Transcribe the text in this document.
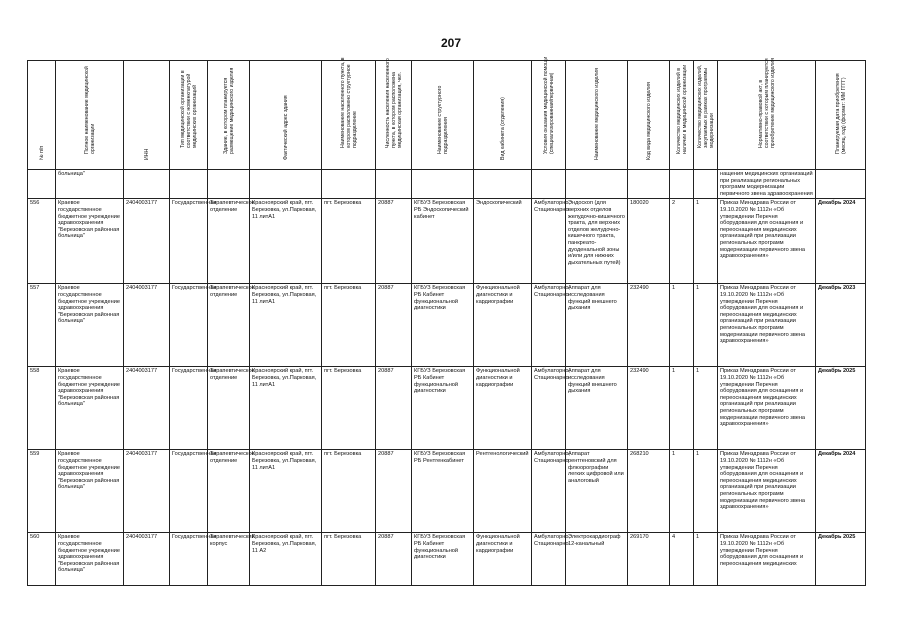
207
№ п/п	Полное наименование медицинской организации	ИНН	Тип медицинской организации в соответствии с номенклатурой медицинских организаций	Здание, в котором планируется размещение медицинского изделия	Фактический адрес здания	Наименование населенного пункта, в котором расположено структурное подразделение	Численность населения населенного пункта, в котором расположена медицинская организация, чел.	Наименование структурного подразделения	Вид кабинета (отделения)	Условия оказания медицинской помощи (специализированная/первичная)	Наименование медицинского изделия	Код вида медицинского изделия	Количество медицинских изделий в наличии в медицинской организации	Количество медицинских изделий, закупаемых в рамках программы модернизации	Нормативно-правовой акт, в соответствии с которым планируется приобретение медицинского изделия	Планируемая дата приобретения (месяц, год) (формат: ММ ГГГГ)

	больница"														нащения медицинских организаций при реализации региональных программ модернизации первичного звена здравоохранения	
556	Краевое государственное бюджетное учреждение здравоохранения "Березовская районная больница"	2404003177	Государственная	Терапевтическое отделение	Красноярский край, пгт. Березовка, ул.Парковая, 11 литА1	пгт. Березовка	20887	КГБУЗ Березовская РБ Эндоскопический кабинет	Эндоскопический	Амбулаторно, Стационарно	Эндоскоп (для верхних отделов желудочно-кишечного тракта, для верхних отделов желудочно-кишечного тракта, панкреато-дуоденальной зоны и/или для нижних дыхательных путей)	180020	2	1	Приказ Минздрава России от 19.10.2020 № 1112н «Об утверждении Перечня оборудования для оснащения и переоснащения медицинских организаций при реализации региональных программ модернизации первичного звена здравоохранения»	Декабрь 2024
557	Краевое государственное бюджетное учреждение здравоохранения "Березовская районная больница"	2404003177	Государственная	Терапевтическое отделение	Красноярский край, пгт. Березовка, ул.Парковая, 11 литА1	пгт. Березовка	20887	КГБУЗ Березовская РБ Кабинет функциональной диагностики	Функциональной диагностики и кардиографии	Амбулаторно, Стационарно	Аппарат для исследования функций внешнего дыхания	232490	1	1	Приказ Минздрава России от 19.10.2020 № 1112н «Об утверждении Перечня оборудования для оснащения и переоснащения медицинских организаций при реализации региональных программ модернизации первичного звена здравоохранения»	Декабрь 2023
558	Краевое государственное бюджетное учреждение здравоохранения "Березовская районная больница"	2404003177	Государственная	Терапевтическое отделение	Красноярский край, пгт. Березовка, ул.Парковая, 11 литА1	пгт. Березовка	20887	КГБУЗ Березовская РБ Кабинет функциональной диагностики	Функциональной диагностики и кардиографии	Амбулаторно, Стационарно	Аппарат для исследования функций внешнего дыхания	232490	1	1	Приказ Минздрава России от 19.10.2020 № 1112н «Об утверждении Перечня оборудования для оснащения и переоснащения медицинских организаций при реализации региональных программ модернизации первичного звена здравоохранения»	Декабрь 2025
559	Краевое государственное бюджетное учреждение здравоохранения "Березовская районная больница"	2404003177	Государственная	Терапевтическое отделение	Красноярский край, пгт. Березовка, ул.Парковая, 11 литА1	пгт. Березовка	20887	КГБУЗ Березовская РБ Рентгенкабинет	Рентгенологический	Амбулаторно, Стационарно	Аппарат рентгеновский для флюорографии легких цифровой или аналоговый	268210	1	1	Приказ Минздрава России от 19.10.2020 № 1112н «Об утверждении Перечня оборудования для оснащения и переоснащения медицинских организаций при реализации региональных программ модернизации первичного звена здравоохранения»	Декабрь 2024
560	Краевое государственное бюджетное учреждение здравоохранения "Березовская районная больница"	2404003177	Государственная	Терапевтический корпус	Красноярский край, пгт. Березовка, ул.Парковая, 11 А2	пгт. Березовка	20887	КГБУЗ Березовская РБ Кабинет функциональной диагностики	Функциональной диагностики и кардиографии	Амбулаторно, Стационарно	Электрокардиограф 12-канальный	269170	4	1	Приказ Минздрава России от 19.10.2020 № 1112н «Об утверждении Перечня оборудования для оснащения и переоснащения медицинских	Декабрь 2025
